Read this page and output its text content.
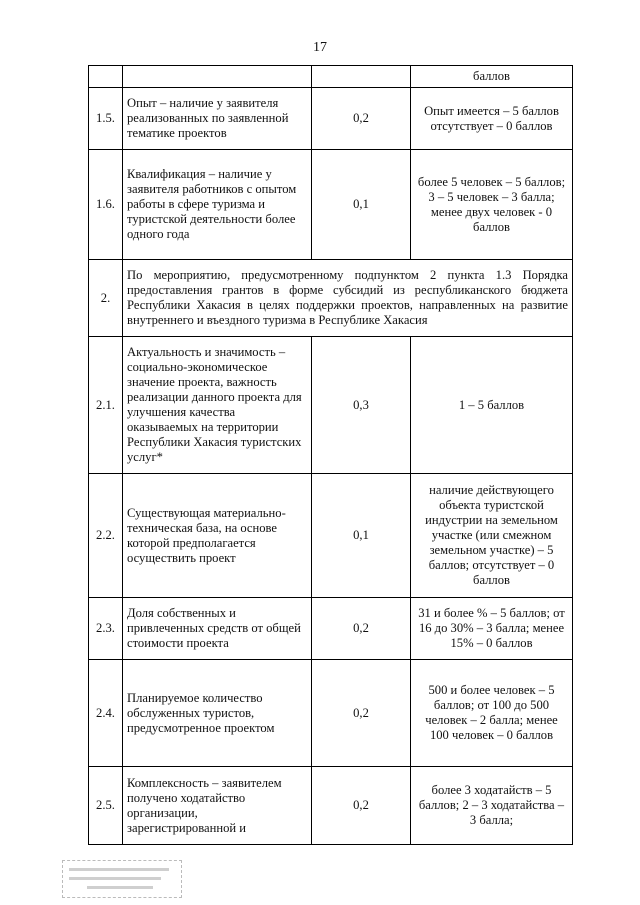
17
			баллов
1.5.	Опыт – наличие у заявителя реализованных по заявленной тематике проектов	0,2	Опыт имеется – 5 баллов отсутствует – 0 баллов
1.6.	Квалификация – наличие у заявителя работников с опытом работы в сфере туризма и туристской деятельности более одного года	0,1	более 5 человек – 5 баллов; 3 – 5 человек – 3 балла; менее двух человек - 0 баллов
2.	По мероприятию, предусмотренному подпунктом 2 пункта 1.3 Порядка предоставления грантов в форме субсидий из республиканского бюджета Республики Хакасия в целях поддержки проектов, направленных на развитие внутреннего и въездного туризма в Республике Хакасия		
2.1.	Актуальность и значимость – социально-экономическое значение проекта, важность реализации данного проекта для улучшения качества оказываемых на территории Республики Хакасия туристских услуг*	0,3	1 – 5 баллов
2.2.	Существующая материально-техническая база, на основе которой предполагается осуществить проект	0,1	наличие действующего объекта туристской индустрии на земельном участке (или смежном земельном участке) – 5 баллов; отсутствует – 0 баллов
2.3.	Доля собственных и привлеченных средств от общей стоимости проекта	0,2	31 и более % – 5 баллов; от 16 до 30% – 3 балла; менее 15% – 0 баллов
2.4.	Планируемое количество обслуженных туристов, предусмотренное проектом	0,2	500 и более человек – 5 баллов; от 100 до 500 человек – 2 балла; менее 100 человек – 0 баллов
2.5.	Комплексность – заявителем получено ходатайство организации, зарегистрированной и	0,2	более 3 ходатайств – 5 баллов; 2 – 3 ходатайства – 3 балла;
